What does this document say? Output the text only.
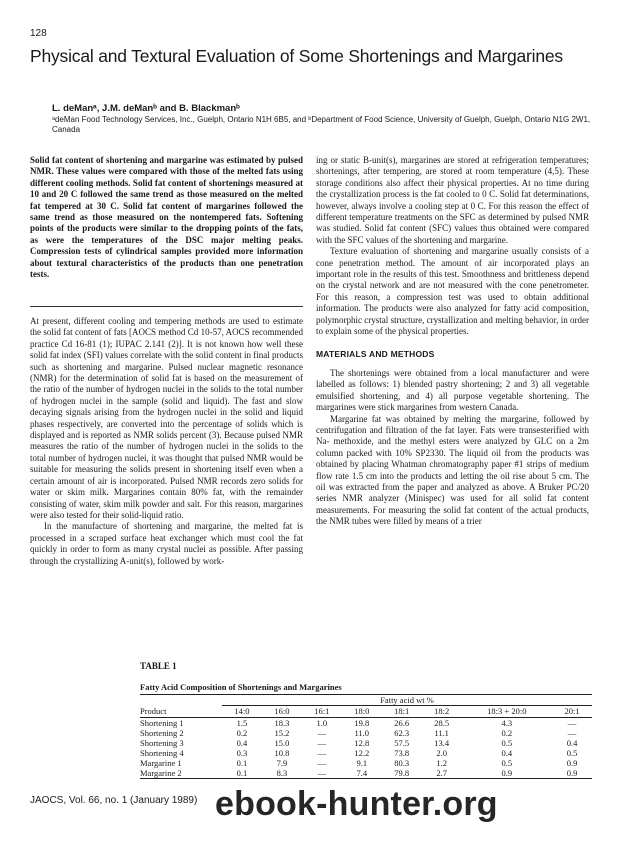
128
Physical and Textural Evaluation of Some Shortenings and Margarines
L. deManᵃ, J.M. deManᵇ and B. Blackmanᵇ
ᵃdeMan Food Technology Services, Inc., Guelph, Ontario N1H 6B5, and ᵇDepartment of Food Science, University of Guelph, Guelph, Ontario N1G 2W1, Canada
Solid fat content of shortening and margarine was estimated by pulsed NMR. These values were compared with those of the melted fats using different cooling methods. Solid fat content of shortenings measured at 10 and 20 C followed the same trend as those measured on the melted fat tempered at 30 C. Solid fat content of margarines followed the same trend as those measured on the nontempered fats. Softening points of the products were similar to the dropping points of the fats, as were the temperatures of the DSC major melting peaks. Compression tests of cylindrical samples provided more information about textural characteristics of the products than one penetration tests.

At present, different cooling and tempering methods are used to estimate the solid fat content of fats [AOCS method Cd 10-57, AOCS recommended practice Cd 16-81 (1); IUPAC 2.141 (2)]. It is not known how well these solid fat index (SFI) values correlate with the solid content in final products such as shortening and margarine. Pulsed nuclear magnetic resonance (NMR) for the determination of solid fat is based on the measurement of the ratio of the number of hydrogen nuclei in the solids to the total number of hydrogen nuclei in the sample (solid and liquid). The fast and slow decaying signals arising from the hydrogen nuclei in the solid and liquid phases respectively, are converted into the percentage of solids which is displayed and is reported as NMR solids percent (3). Because pulsed NMR measures the ratio of the number of hydrogen nuclei in the solids to the total number of hydrogen nuclei, it was thought that pulsed NMR would be suitable for measuring the solids present in shortening itself even when a certain amount of air is incorporated. Pulsed NMR records zero solids for water or skim milk. Margarines contain 80% fat, with the remainder consisting of water, skim milk powder and salt. For this reason, margarines were also tested for their solid-liquid ratio.

In the manufacture of shortening and margarine, the melted fat is processed in a scraped surface heat exchanger which must cool the fat quickly in order to form as many crystal nuclei as possible. After passing through the crystallizing A-unit(s), followed by work-

ing or static B-unit(s), margarines are stored at refrigeration temperatures; shortenings, after tempering, are stored at room temperature (4,5). These storage conditions also affect their physical properties. At no time during the crystallization process is the fat cooled to 0 C. Solid fat determinations, however, always involve a cooling step at 0 C. For this reason the effect of different temperature treatments on the SFC as determined by pulsed NMR was studied. Solid fat content (SFC) values thus obtained were compared with the SFC values of the shortening and margarine.

Texture evaluation of shortening and margarine usually consists of a cone penetration method. The amount of air incorporated plays an important role in the results of this test. Smoothness and brittleness depend on the crystal network and are not measured with the cone penetrometer. For this reason, a compression test was used to obtain additional information. The products were also analyzed for fatty acid composition, polymorphic crystal structure, crystallization and melting behavior, in order to explain some of the physical properties.

MATERIALS AND METHODS

The shortenings were obtained from a local manufacturer and were labelled as follows: 1) blended pastry shortening; 2 and 3) all vegetable emulsified shortening, and 4) all purpose vegetable shortening. The margarines were stick margarines from western Canada.

Margarine fat was obtained by melting the margarine, followed by centrifugation and filtration of the fat layer. Fats were transesterified with Na- methoxide, and the methyl esters were analyzed by GLC on a 2m column packed with 10% SP2330. The liquid oil from the products was obtained by placing Whatman chromatography paper #1 strips of medium flow rate 1.5 cm into the products and letting the oil rise about 5 cm. The oil was extracted from the paper and analyzed as above. A Bruker PC/20 series NMR analyzer (Minispec) was used for all solid fat content measurements. For measuring the solid fat content of the actual products, the NMR tubes were filled by means of a trier

TABLE 1
Fatty Acid Composition of Shortenings and Margarines
	Fatty acid wt %							
Product	14:0	16:0	16:1	18:0	18:1	18:2	18:3 + 20:0	20:1
Shortening 1	1.5	18.3	1.0	19.8	26.6	28.5	4.3	—
Shortening 2	0.2	15.2	—	11.0	62.3	11.1	0.2	—
Shortening 3	0.4	15.0	—	12.8	57.5	13.4	0.5	0.4
Shortening 4	0.3	10.8	—	12.2	73.8	2.0	0.4	0.5
Margarine 1	0.1	7.9	—	9.1	80.3	1.2	0.5	0.9
Margarine 2	0.1	8.3	—	7.4	79.8	2.7	0.9	0.9
JAOCS, Vol. 66, no. 1 (January 1989) ebook-hunter.org
